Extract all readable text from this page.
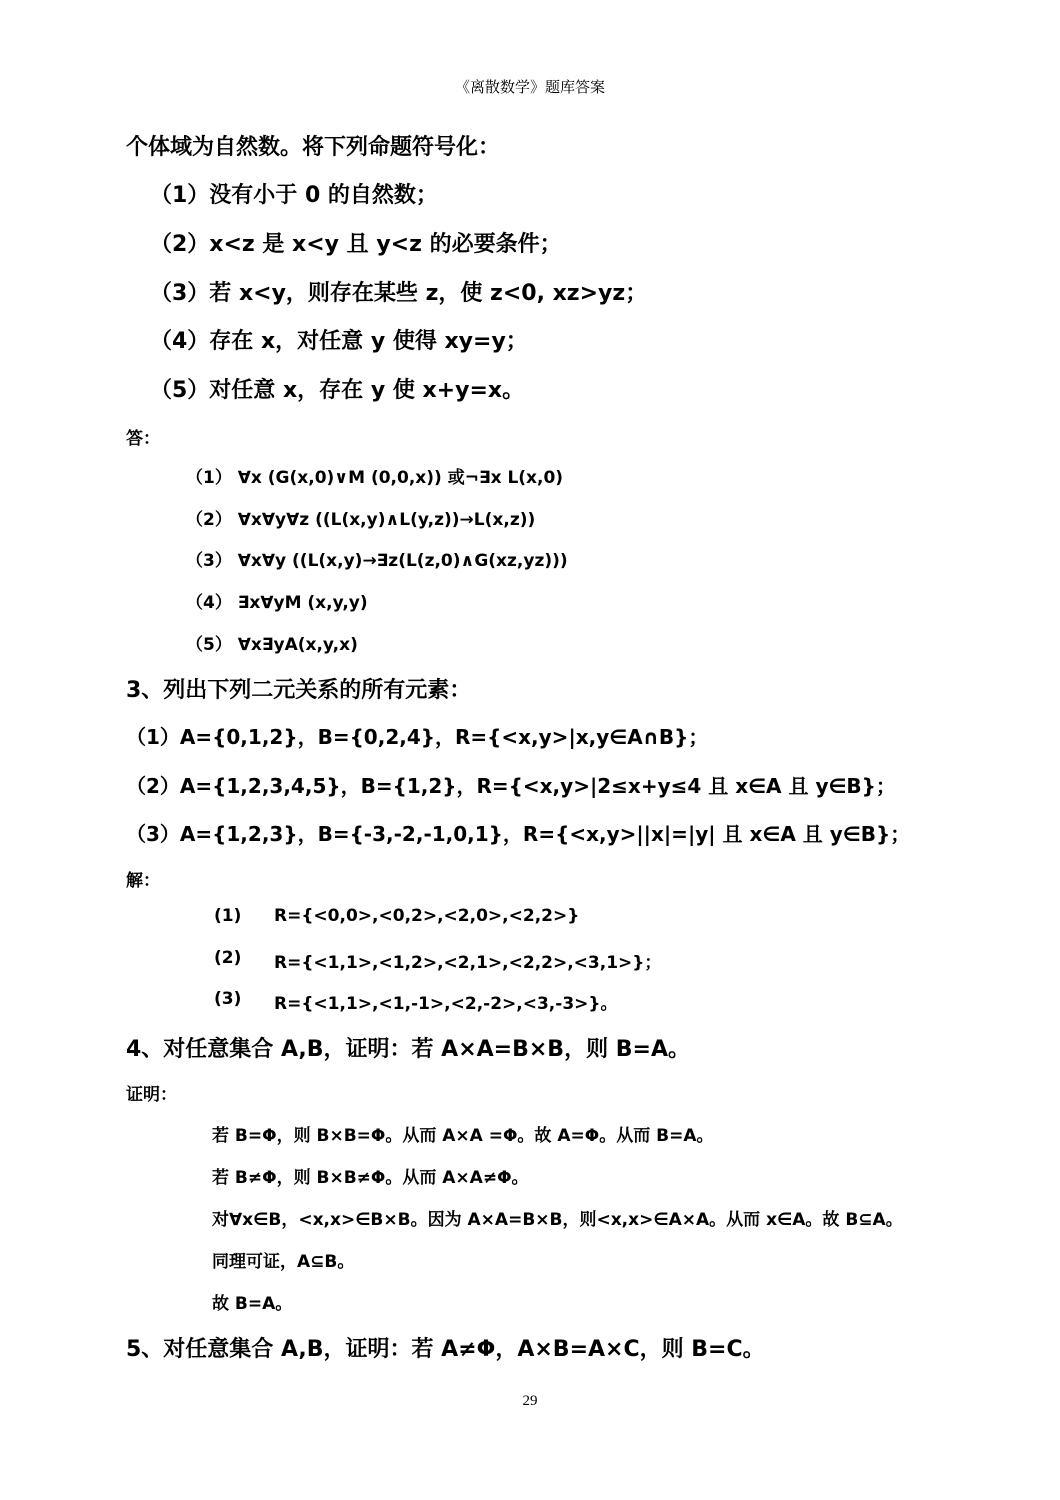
《离散数学》题库答案
个体域为自然数。将下列命题符号化：
（1）没有小于 0 的自然数；
（2）x<z 是 x<y 且 y<z 的必要条件；
（3）若 x<y，则存在某些 z，使 z<0, xz>yz；
（4）存在 x，对任意 y 使得 xy=y；
（5）对任意 x，存在 y 使 x+y=x。
答：
（1） ∀x (G(x,0)∨M (0,0,x)) 或¬∃x L(x,0)
（2） ∀x∀y∀z ((L(x,y)∧L(y,z))→L(x,z))
（3） ∀x∀y ((L(x,y)→∃z(L(z,0)∧G(xz,yz)))
（4） ∃x∀yM (x,y,y)
（5） ∀x∃yA(x,y,x)
3、列出下列二元关系的所有元素：
（1）A={0,1,2}，B={0,2,4}，R={<x,y>|x,y∈A∩B}；
（2）A={1,2,3,4,5}，B={1,2}，R={<x,y>|2≤x+y≤4 且 x∈A 且 y∈B}；
（3）A={1,2,3}，B={-3,-2,-1,0,1}，R={<x,y>||x|=|y| 且 x∈A 且 y∈B}；
解：
(1) R={<0,0>,<0,2>,<2,0>,<2,2>}
(2) R={<1,1>,<1,2>,<2,1>,<2,2>,<3,1>}；
(3) R={<1,1>,<1,-1>,<2,-2>,<3,-3>}。
4、对任意集合 A,B，证明：若 A×A=B×B，则 B=A。
证明：
若 B=Φ，则 B×B=Φ。从而 A×A =Φ。故 A=Φ。从而 B=A。
若 B≠Φ，则 B×B≠Φ。从而 A×A≠Φ。
对∀x∈B，<x,x>∈B×B。因为 A×A=B×B，则<x,x>∈A×A。从而 x∈A。故 B⊆A。
同理可证，A⊆B。
故 B=A。
5、对任意集合 A,B，证明：若 A≠Φ，A×B=A×C，则 B=C。
29
